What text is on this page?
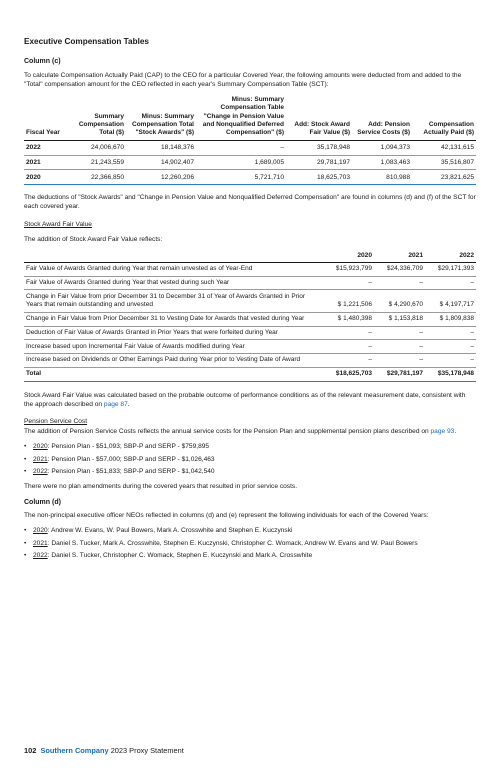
Executive Compensation Tables
Column (c)

To calculate Compensation Actually Paid (CAP) to the CEO for a particular Covered Year, the following amounts were deducted from and added to the "Total" compensation amount for the CEO reflected in each year's Summary Compensation Table (SCT):

Fiscal Year	Summary Compensation Total ($)	Minus: Summary Compensation Total "Stock Awards" ($)	Minus: Summary Compensation Table "Change in Pension Value and Nonqualified Deferred Compensation" ($)	Add: Stock Award Fair Value ($)	Add: Pension Service Costs ($)	Compensation Actually Paid ($)
2022	24,006,670	18,148,376	–	35,178,948	1,094,373	42,131,615
2021	21,243,559	14,902,407	1,689,005	29,781,197	1,083,463	35,516,807
2020	22,366,850	12,260,206	5,721,710	18,625,703	810,988	23,821,625

The deductions of "Stock Awards" and "Change in Pension Value and Nonqualified Deferred Compensation" are found in columns (d) and (f) of the SCT for each covered year.

Stock Award Fair Value

The addition of Stock Award Fair Value reflects:

	2020	2021	2022
Fair Value of Awards Granted during Year that remain unvested as of Year-End	$15,923,799	$24,336,709	$29,171,393
Fair Value of Awards Granted during Year that vested during such Year	–	–	–
Change in Fair Value from prior December 31 to December 31 of Year of Awards Granted in Prior Years that remain outstanding and unvested	$ 1,221,506	$ 4,290,670	$ 4,197,717
Change in Fair Value from Prior December 31 to Vesting Date for Awards that vested during Year	$ 1,480,398	$ 1,153,818	$ 1,809,838
Deduction of Fair Value of Awards Granted in Prior Years that were forfeited during Year	–	–	–
Increase based upon Incremental Fair Value of Awards modified during Year	–	–	–
Increase based on Dividends or Other Earnings Paid during Year prior to Vesting Date of Award	–	–	–
Total	$18,625,703	$29,781,197	$35,178,948

Stock Award Fair Value was calculated based on the probable outcome of performance conditions as of the relevant measurement date, consistent with the approach described on page 87.

Pension Service Cost

The addition of Pension Service Costs reflects the annual service costs for the Pension Plan and supplemental pension plans described on page 93.

• 2020: Pension Plan - $51,093; SBP-P and SERP - $759,895
• 2021: Pension Plan - $57,000; SBP-P and SERP - $1,026,463
• 2022: Pension Plan - $51,833; SBP-P and SERP - $1,042,540

There were no plan amendments during the covered years that resulted in prior service costs.

Column (d)

The non-principal executive officer NEOs reflected in columns (d) and (e) represent the following individuals for each of the Covered Years:

• 2020: Andrew W. Evans, W. Paul Bowers, Mark A. Crosswhite and Stephen E. Kuczynski
• 2021: Daniel S. Tucker, Mark A. Crosswhite, Stephen E. Kuczynski, Christopher C. Womack, Andrew W. Evans and W. Paul Bowers
• 2022: Daniel S. Tucker, Christopher C. Womack, Stephen E. Kuczynski and Mark A. Crosswhite
102 Southern Company 2023 Proxy Statement
